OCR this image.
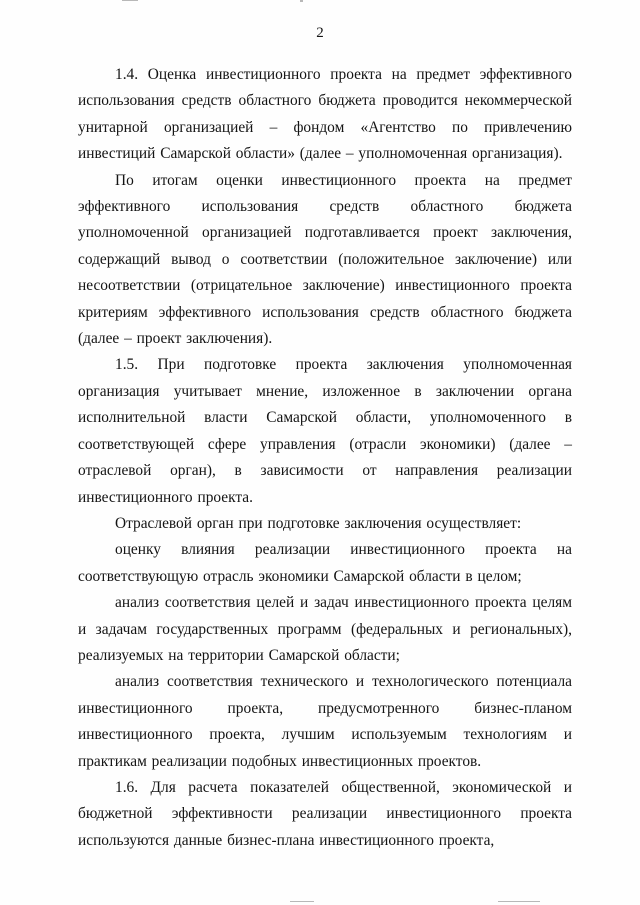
2

1.4. Оценка инвестиционного проекта на предмет эффективного использования средств областного бюджета проводится некоммерческой унитарной организацией – фондом «Агентство по привлечению инвестиций Самарской области» (далее – уполномоченная организация).

По итогам оценки инвестиционного проекта на предмет эффективного использования средств областного бюджета уполномоченной организацией подготавливается проект заключения, содержащий вывод о соответствии (положительное заключение) или несоответствии (отрицательное заключение) инвестиционного проекта критериям эффективного использования средств областного бюджета (далее – проект заключения).

1.5. При подготовке проекта заключения уполномоченная организация учитывает мнение, изложенное в заключении органа исполнительной власти Самарской области, уполномоченного в соответствующей сфере управления (отрасли экономики) (далее – отраслевой орган), в зависимости от направления реализации инвестиционного проекта.

Отраслевой орган при подготовке заключения осуществляет:

оценку влияния реализации инвестиционного проекта на соответствующую отрасль экономики Самарской области в целом;

анализ соответствия целей и задач инвестиционного проекта целям и задачам государственных программ (федеральных и региональных), реализуемых на территории Самарской области;

анализ соответствия технического и технологического потенциала инвестиционного проекта, предусмотренного бизнес-планом инвестиционного проекта, лучшим используемым технологиям и практикам реализации подобных инвестиционных проектов.

1.6. Для расчета показателей общественной, экономической и бюджетной эффективности реализации инвестиционного проекта используются данные бизнес-плана инвестиционного проекта,
